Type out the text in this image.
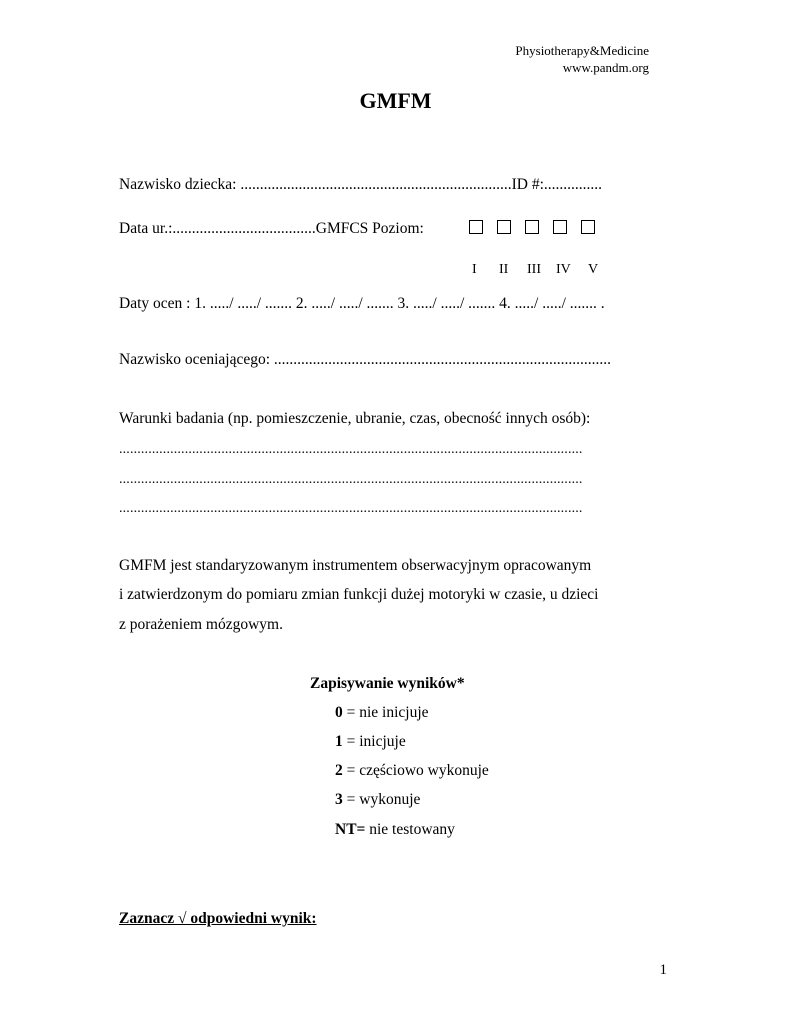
Physiotherapy&Medicine
www.pandm.org
GMFM
Nazwisko dziecka: ......................................................................ID #:...............
Data ur.:.....................................GMFCS Poziom:
I II III IV V
Daty ocen : 1. ...../ ...../ ....... 2. ...../ ...../ ....... 3. ...../ ...../ ....... 4. ...../ ...../ ....... .
Nazwisko oceniającego: .......................................................................................
Warunki badania (np. pomieszczenie, ubranie, czas, obecność innych osób):
...............................................................................................................................
...............................................................................................................................
...............................................................................................................................
GMFM jest standaryzowanym instrumentem obserwacyjnym opracowanym
i zatwierdzonym do pomiaru zmian funkcji dużej motoryki w czasie, u dzieci
z porażeniem mózgowym.
Zapisywanie wyników*
0 = nie inicjuje
1 = inicjuje
2 = częściowo wykonuje
3 = wykonuje
NT= nie testowany
Zaznacz √ odpowiedni wynik:
1
